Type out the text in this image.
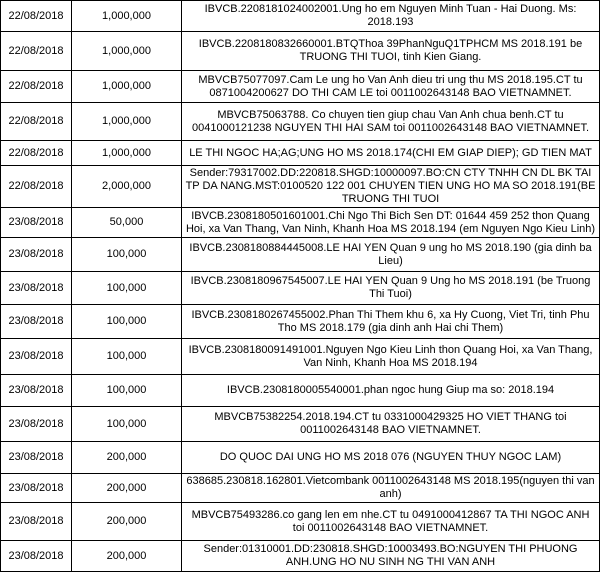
22/08/2018	1,000,000	IBVCB.2208181024002001.Ung ho em Nguyen Minh Tuan - Hai Duong. Ms: 2018.193
22/08/2018	1,000,000	IBVCB.2208180832660001.BTQThoa 39PhanNguQ1TPHCM MS 2018.191 be TRUONG THI TUOI, tinh Kien Giang.
22/08/2018	1,000,000	MBVCB75077097.Cam Le ung ho Van Anh dieu tri ung thu MS 2018.195.CT tu 0871004200627 DO THI CAM LE toi 0011002643148 BAO VIETNAMNET.
22/08/2018	1,000,000	MBVCB75063788. Co chuyen tien giup chau Van Anh chua benh.CT tu 0041000121238 NGUYEN THI HAI SAM toi 0011002643148 BAO VIETNAMNET.
22/08/2018	1,000,000	LE THI NGOC HA;AG;UNG HO MS 2018.174(CHI EM GIAP DIEP); GD TIEN MAT
22/08/2018	2,000,000	Sender:79317002.DD:220818.SHGD:10000097.BO:CN CTY TNHH CN DL BK TAI TP DA NANG.MST:0100520 122 001 CHUYEN TIEN UNG HO MA SO 2018.191(BE TRUONG THI TUOI
23/08/2018	50,000	IBVCB.2308180501601001.Chi Ngo Thi Bich Sen DT: 01644 459 252 thon Quang Hoi, xa Van Thang, Van Ninh, Khanh Hoa MS 2018.194 (em Nguyen Ngo Kieu Linh)
23/08/2018	100,000	IBVCB.2308180884445008.LE HAI YEN Quan 9 ung ho MS 2018.190 (gia dinh ba Lieu)
23/08/2018	100,000	IBVCB.2308180967545007.LE HAI YEN Quan 9 Ung ho MS 2018.191 (be Truong Thi Tuoi)
23/08/2018	100,000	IBVCB.2308180267455002.Phan Thi Them khu 6, xa Hy Cuong, Viet Tri, tinh Phu Tho MS 2018.179 (gia dinh anh Hai chi Them)
23/08/2018	100,000	IBVCB.2308180091491001.Nguyen Ngo Kieu Linh thon Quang Hoi, xa Van Thang, Van Ninh, Khanh Hoa MS 2018.194
23/08/2018	100,000	IBVCB.2308180005540001.phan ngoc hung Giup ma so: 2018.194
23/08/2018	100,000	MBVCB75382254.2018.194.CT tu 0331000429325 HO VIET THANG toi 0011002643148 BAO VIETNAMNET.
23/08/2018	200,000	DO QUOC DAI UNG HO MS 2018 076 (NGUYEN THUY NGOC LAM)
23/08/2018	200,000	638685.230818.162801.Vietcombank 0011002643148 MS 2018.195(nguyen thi van anh)
23/08/2018	200,000	MBVCB75493286.co gang len em nhe.CT tu 0491000412867 TA THI NGOC ANH toi 0011002643148 BAO VIETNAMNET.
23/08/2018	200,000	Sender:01310001.DD:230818.SHGD:10003493.BO:NGUYEN THI PHUONG ANH.UNG HO NU SINH NG THI VAN ANH
